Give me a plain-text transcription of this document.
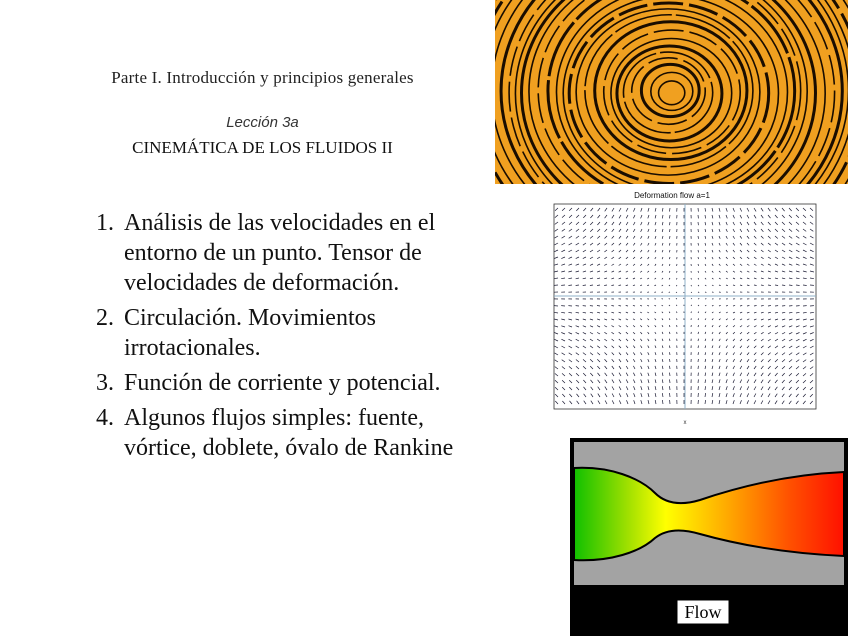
Parte I. Introducción y principios generales
Lección 3a
CINEMÁTICA DE LOS FLUIDOS II
1. Análisis de las velocidades en el entorno de un punto. Tensor de velocidades de deformación.
2. Circulación. Movimientos irrotacionales.
3. Función de corriente y potencial.
4. Algunos flujos simples: fuente, vórtice, doblete, óvalo de Rankine
Deformation flow a=1
x
Flow
